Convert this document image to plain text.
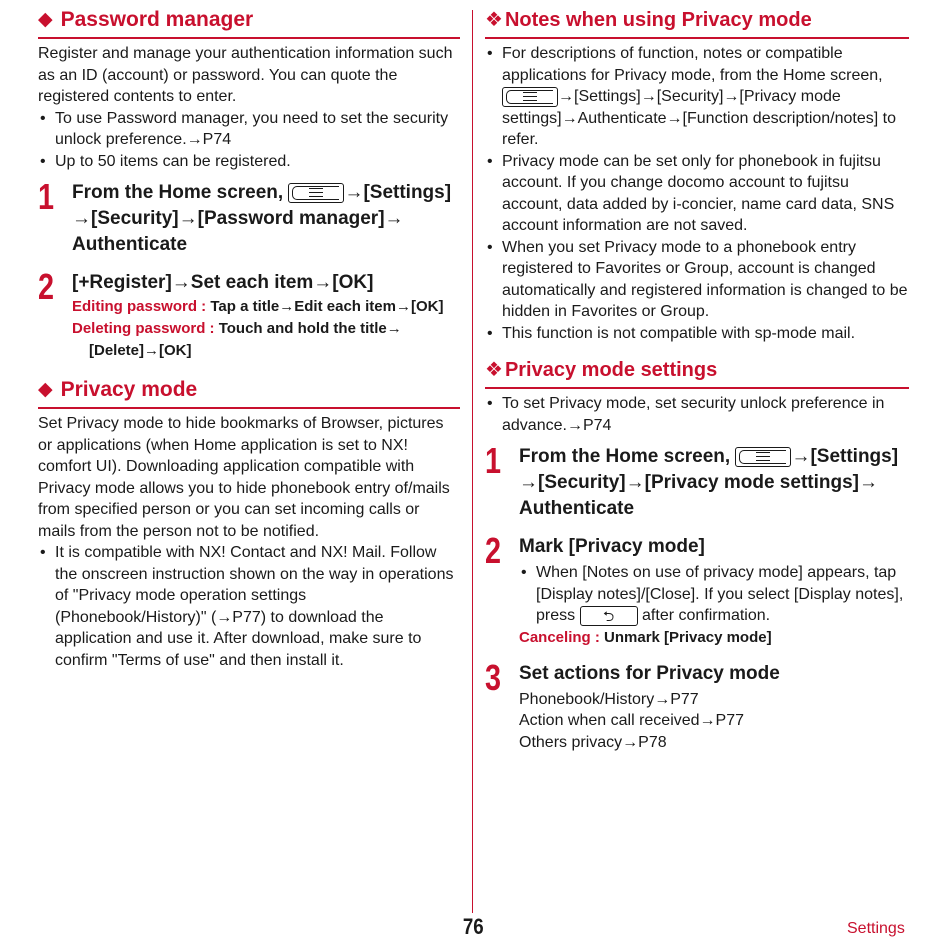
◆ Password manager

Register and manage your authentication information such as an ID (account) or password. You can quote the registered contents to enter.

• To use Password manager, you need to set the security unlock preference.→P74
• Up to 50 items can be registered.
1 From the Home screen,	→[Settings]
→[Security]→[Password manager]→
Authenticate
2 [+Register]→Set each item→[OK]
Editing password : Tap a title→Edit each item→[OK]
Deleting password : Touch and hold the title→
[Delete]→[OK]
◆ Privacy mode

Set Privacy mode to hide bookmarks of Browser, pictures or applications (when Home application is set to NX! comfort UI). Downloading application compatible with Privacy mode allows you to hide phonebook entry of/mails from specified person or you can set incoming calls or mails from the person not to be notified.

• It is compatible with NX! Contact and NX! Mail. Follow the onscreen instruction shown on the way in operations of "Privacy mode operation settings (Phonebook/History)" (→P77) to download the application and use it. After download, make sure to confirm "Terms of use" and then install it.
❖ Notes when using Privacy mode
• For descriptions of function, notes or compatible applications for Privacy mode, from the Home screen,
→[Settings]→[Security]→[Privacy mode settings]→Authenticate→[Function description/notes] to refer.
• Privacy mode can be set only for phonebook in fujitsu account. If you change docomo account to fujitsu account, data added by i-concier, name card data, SNS account information are not saved.
• When you set Privacy mode to a phonebook entry registered to Favorites or Group, account is changed automatically and registered information is changed to be hidden in Favorites or Group.
• This function is not compatible with sp-mode mail.
❖ Privacy mode settings
• To set Privacy mode, set security unlock preference in advance.→P74
1 From the Home screen,	→[Settings]
→[Security]→[Privacy mode settings]→
Authenticate
2 Mark [Privacy mode]
• When [Notes on use of privacy mode] appears, tap [Display notes]/[Close]. If you select [Display notes], press ⮌ after confirmation.
Canceling : Unmark [Privacy mode]
3 Set actions for Privacy mode

Phonebook/History→P77

Action when call received→P77

Others privacy→P78

76	Settings
